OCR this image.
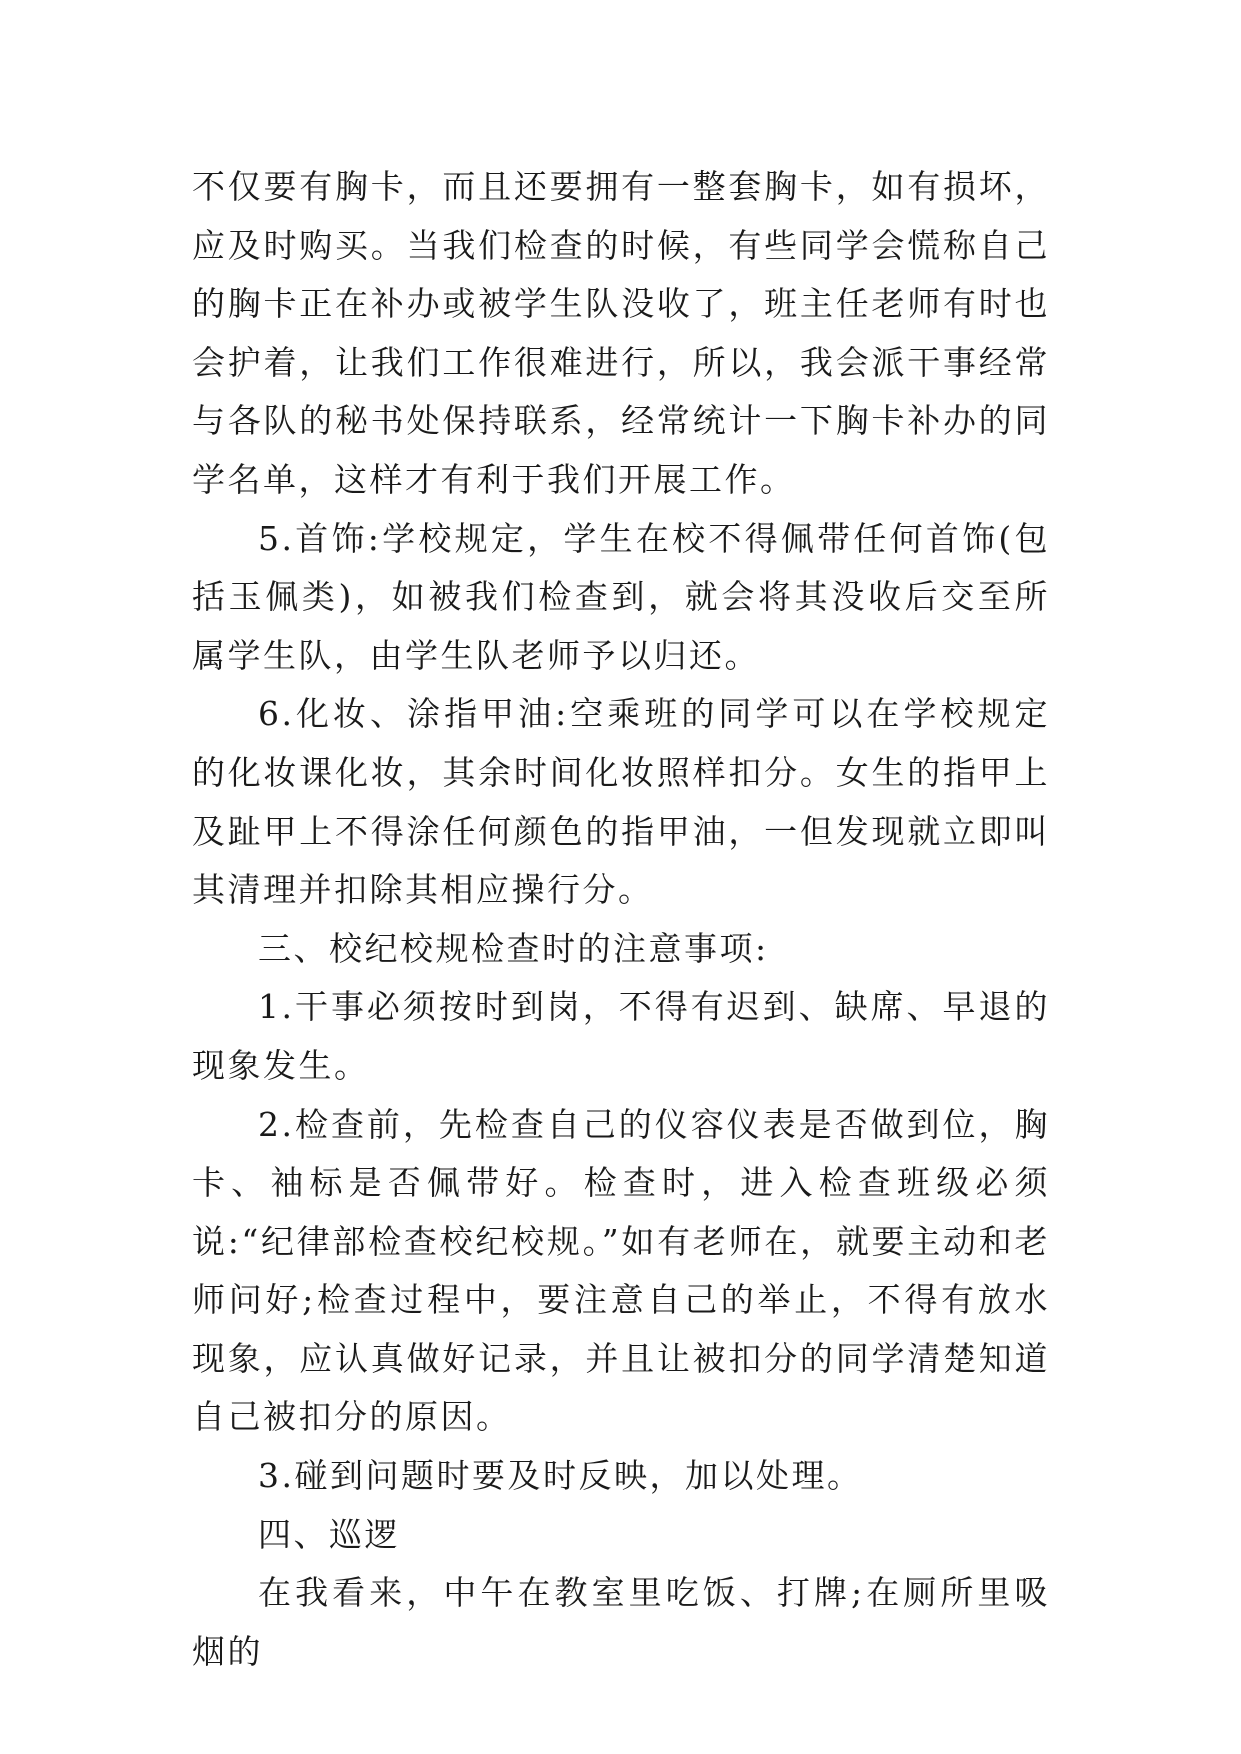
不仅要有胸卡，而且还要拥有一整套胸卡，如有损坏，应及时购买。当我们检查的时候，有些同学会慌称自己的胸卡正在补办或被学生队没收了，班主任老师有时也会护着，让我们工作很难进行，所以，我会派干事经常与各队的秘书处保持联系，经常统计一下胸卡补办的同学名单，这样才有利于我们开展工作。

5.首饰:学校规定，学生在校不得佩带任何首饰(包括玉佩类)，如被我们检查到，就会将其没收后交至所属学生队，由学生队老师予以归还。

6.化妆、涂指甲油:空乘班的同学可以在学校规定的化妆课化妆，其余时间化妆照样扣分。女生的指甲上及趾甲上不得涂任何颜色的指甲油，一但发现就立即叫其清理并扣除其相应操行分。

三、校纪校规检查时的注意事项:

1.干事必须按时到岗，不得有迟到、缺席、早退的现象发生。

2.检查前，先检查自己的仪容仪表是否做到位，胸卡、袖标是否佩带好。检查时，进入检查班级必须说:“纪律部检查校纪校规。”如有老师在，就要主动和老师问好;检查过程中，要注意自己的举止，不得有放水现象，应认真做好记录，并且让被扣分的同学清楚知道自己被扣分的原因。

3.碰到问题时要及时反映，加以处理。

四、巡逻

在我看来，中午在教室里吃饭、打牌;在厕所里吸烟的
